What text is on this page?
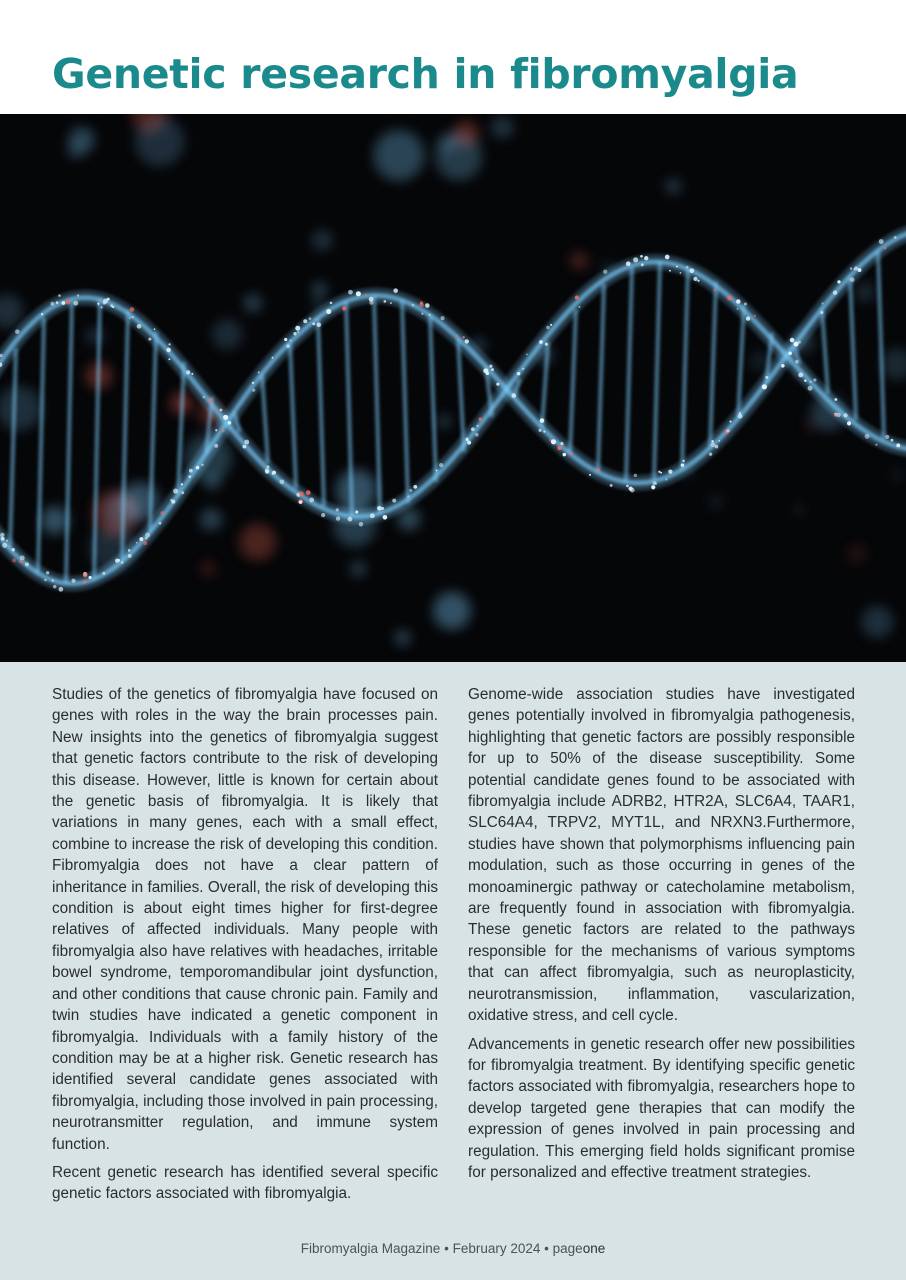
Genetic research in fibromyalgia

Studies of the genetics of fibromyalgia have focused on genes with roles in the way the brain processes pain. New insights into the genetics of fibromyalgia suggest that genetic factors contribute to the risk of developing this disease. However, little is known for certain about the genetic basis of fibromyalgia. It is likely that variations in many genes, each with a small effect, combine to increase the risk of developing this condition. Fibromyalgia does not have a clear pattern of inheritance in families. Overall, the risk of developing this condition is about eight times higher for first-degree relatives of affected individuals. Many people with fibromyalgia also have relatives with headaches, irritable bowel syndrome, temporomandibular joint dysfunction, and other conditions that cause chronic pain. Family and twin studies have indicated a genetic component in fibromyalgia. Individuals with a family history of the condition may be at a higher risk. Genetic research has identified several candidate genes associated with fibromyalgia, including those involved in pain processing, neurotransmitter regulation, and immune system function.

Recent genetic research has identified several specific genetic factors associated with fibromyalgia.

Genome-wide association studies have investigated genes potentially involved in fibromyalgia pathogenesis, highlighting that genetic factors are possibly responsible for up to 50% of the disease susceptibility. Some potential candidate genes found to be associated with fibromyalgia include ADRB2, HTR2A, SLC6A4, TAAR1, SLC64A4, TRPV2, MYT1L, and NRXN3.Furthermore, studies have shown that polymorphisms influencing pain modulation, such as those occurring in genes of the monoaminergic pathway or catecholamine metabolism, are frequently found in association with fibromyalgia. These genetic factors are related to the pathways responsible for the mechanisms of various symptoms that can affect fibromyalgia, such as neuroplasticity, neurotransmission, inflammation, vascularization, oxidative stress, and cell cycle.

Advancements in genetic research offer new possibilities for fibromyalgia treatment. By identifying specific genetic factors associated with fibromyalgia, researchers hope to develop targeted gene therapies that can modify the expression of genes involved in pain processing and regulation. This emerging field holds significant promise for personalized and effective treatment strategies.

Fibromyalgia Magazine • February 2024 • pageone
